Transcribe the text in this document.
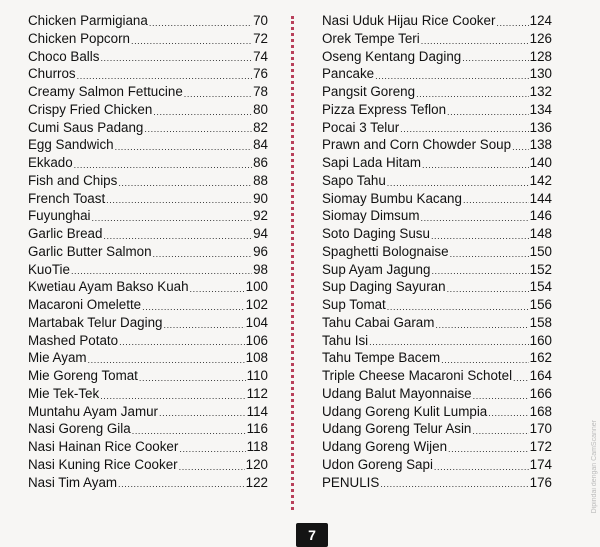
Chicken Parmigiana .....	70
Chicken Popcorn .....	72
Choco Balls .....	74
Churros .....	76
Creamy Salmon Fettucine .....	78
Crispy Fried Chicken .....	80
Cumi Saus Padang .....	82
Egg Sandwich .....	84
Ekkado .....	86
Fish and Chips .....	88
French Toast .....	90
Fuyunghai .....	92
Garlic Bread .....	94
Garlic Butter Salmon .....	96
KuoTie .....	98
Kwetiau Ayam Bakso Kuah .....	100
Macaroni Omelette .....	102
Martabak Telur Daging .....	104
Mashed Potato .....	106
Mie Ayam .....	108
Mie Goreng Tomat .....	110
Mie Tek-Tek .....	112
Muntahu Ayam Jamur .....	114
Nasi Goreng Gila .....	116
Nasi Hainan Rice Cooker .....	118
Nasi Kuning Rice Cooker .....	120
Nasi Tim Ayam .....	122
Nasi Uduk Hijau Rice Cooker .....	124
Orek Tempe Teri .....	126
Oseng Kentang Daging .....	128
Pancake .....	130
Pangsit Goreng .....	132
Pizza Express Teflon .....	134
Pocai 3 Telur .....	136
Prawn and Corn Chowder Soup ..... 138
Sapi Lada Hitam .....	140
Sapo Tahu .....	142
Siomay Bumbu Kacang .....	144
Siomay Dimsum .....	146
Soto Daging Susu .....	148
Spaghetti Bolognaise .....	150
Sup Ayam Jagung .....	152
Sup Daging Sayuran .....	154
Sup Tomat .....	156
Tahu Cabai Garam .....	158
Tahu Isi .....	160
Tahu Tempe Bacem .....	162
Triple Cheese Macaroni Schotel ..... 164
Udang Balut Mayonnaise .....	166
Udang Goreng Kulit Lumpia .....	168
Udang Goreng Telur Asin .....	170
Udang Goreng Wijen .....	172
Udon Goreng Sapi .....	174
PENULIS .....	176
7
Dipindai dengan CamScanner
